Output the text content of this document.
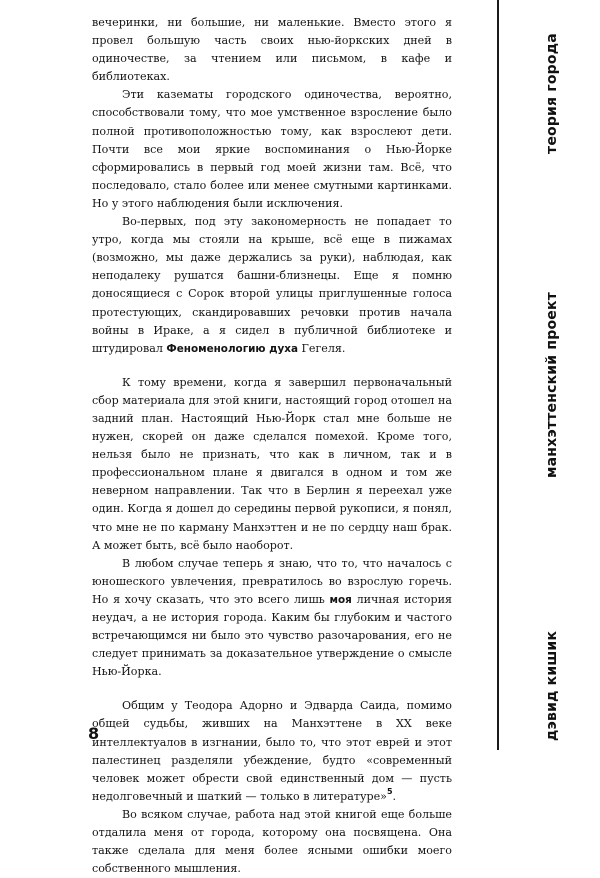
вечеринки, ни большие, ни маленькие. Вместо этого я провел большую часть своих нью-йоркских дней в одиночестве, за чтением или письмом, в кафе и библиотеках.

Эти казематы городского одиночества, вероятно, способствовали тому, что мое умственное взросление было полной противоположностью тому, как взрослеют дети. Почти все мои яркие воспоминания о Нью-Йорке сформировались в первый год моей жизни там. Всё, что последовало, стало более или менее смутными картинками. Но у этого наблюдения были исключения.

Во-первых, под эту закономерность не попадает то утро, когда мы стояли на крыше, всё еще в пижамах (возможно, мы даже держались за руки), наблюдая, как неподалеку рушатся башни-близнецы. Еще я помню доносящиеся с Сорок второй улицы приглушенные голоса протестующих, скандировавших речовки против начала войны в Ираке, а я сидел в публичной библиотеке и штудировал Феноменологию духа Гегеля.

К тому времени, когда я завершил первоначальный сбор материала для этой книги, настоящий город отошел на задний план. Настоящий Нью-Йорк стал мне больше не нужен, скорей он даже сделался помехой. Кроме того, нельзя было не признать, что как в личном, так и в профессиональном плане я двигался в одном и том же неверном направлении. Так что в Берлин я переехал уже один. Когда я дошел до середины первой рукописи, я понял, что мне не по карману Манхэттен и не по сердцу наш брак. А может быть, всё было наоборот.

В любом случае теперь я знаю, что то, что началось с юношеского увлечения, превратилось во взрослую горечь. Но я хочу сказать, что это всего лишь моя личная история неудач, а не история города. Каким бы глубоким и частого встречающимся ни было это чувство разочарования, его не следует принимать за доказательное утверждение о смысле Нью-Йорка.

Общим у Теодора Адорно и Эдварда Саида, помимо общей судьбы, живших на Манхэттене в XX веке интеллектуалов в изгнании, было то, что этот еврей и этот палестинец разделяли убеждение, будто «современный человек может обрести свой единственный дом — пусть недолговечный и шаткий — только в литературе»$^5$.

Во всяком случае, работа над этой книгой еще больше отдалила меня от города, которому она посвящена. Она также сделала для меня более ясными ошибки моего собственного мышления.

теория города
манхэттенский проект
дэвид кишик
8
